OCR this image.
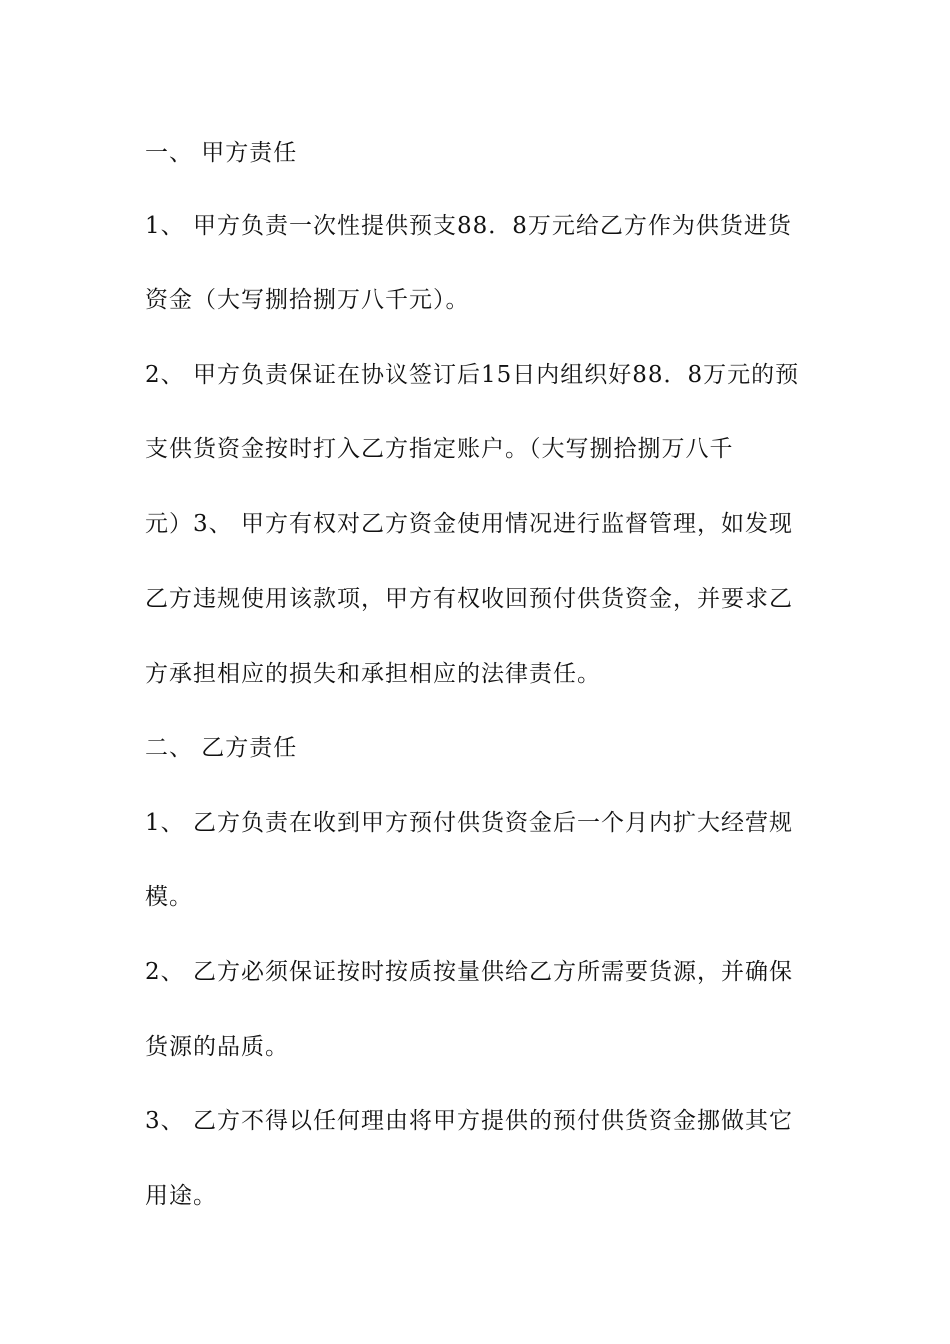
一、 甲方责任
1、 甲方负责一次性提供预支88．8万元给乙方作为供货进货
资金（大写捌拾捌万八千元）。
2、 甲方负责保证在协议签订后15日内组织好88．8万元的预
支供货资金按时打入乙方指定账户。（大写捌拾捌万八千
元）3、 甲方有权对乙方资金使用情况进行监督管理，如发现
乙方违规使用该款项，甲方有权收回预付供货资金，并要求乙
方承担相应的损失和承担相应的法律责任。
二、 乙方责任
1、 乙方负责在收到甲方预付供货资金后一个月内扩大经营规
模。
2、 乙方必须保证按时按质按量供给乙方所需要货源，并确保
货源的品质。
3、 乙方不得以任何理由将甲方提供的预付供货资金挪做其它
用途。
